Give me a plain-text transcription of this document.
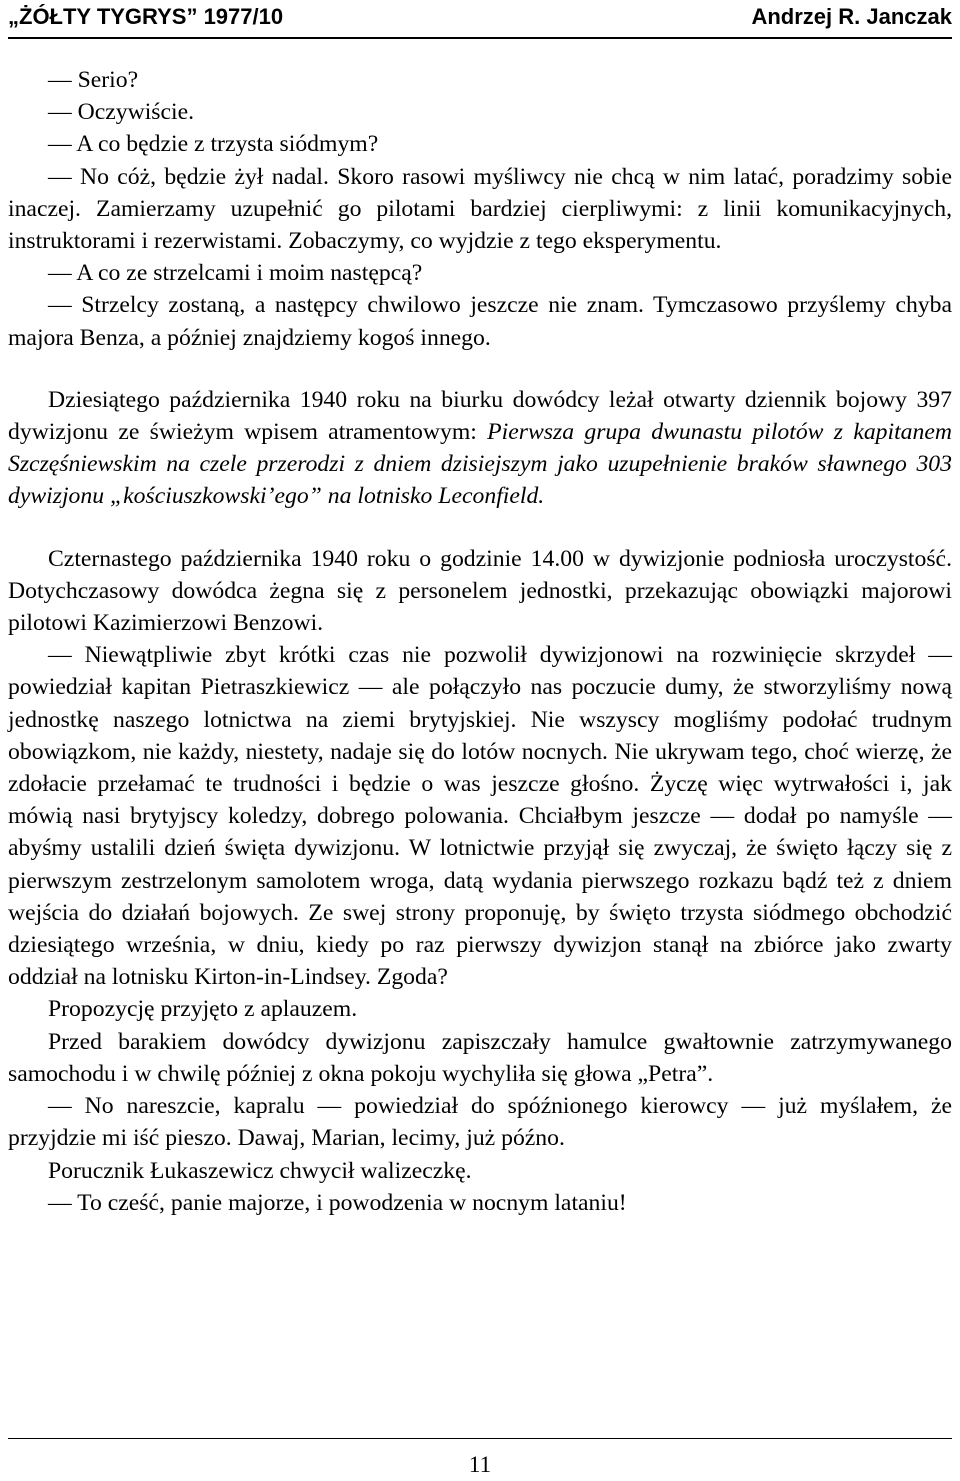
„ŻÓŁTY TYGRYS” 1977/10	Andrzej R. Janczak

— Serio?

— Oczywiście.

— A co będzie z trzysta siódmym?

— No cóż, będzie żył nadal. Skoro rasowi myśliwcy nie chcą w nim latać, poradzimy sobie inaczej. Zamierzamy uzupełnić go pilotami bardziej cierpliwymi: z linii komunikacyjnych, instruktorami i rezerwistami. Zobaczymy, co wyjdzie z tego eksperymentu.

— A co ze strzelcami i moim następcą?

— Strzelcy zostaną, a następcy chwilowo jeszcze nie znam. Tymczasowo przyślemy chyba majora Benza, a później znajdziemy kogoś innego.

Dziesiątego października 1940 roku na biurku dowódcy leżał otwarty dziennik bojowy 397 dywizjonu ze świeżym wpisem atramentowym: Pierwsza grupa dwunastu pilotów z kapitanem Szczęśniewskim na czele przerodzi z dniem dzisiejszym jako uzupełnienie braków sławnego 303 dywizjonu „kościuszkowski’ego” na lotnisko Leconfield.

Czternastego października 1940 roku o godzinie 14.00 w dywizjonie podniosła uroczystość. Dotychczasowy dowódca żegna się z personelem jednostki, przekazując obowiązki majorowi pilotowi Kazimierzowi Benzowi.

— Niewątpliwie zbyt krótki czas nie pozwolił dywizjonowi na rozwinięcie skrzydeł — powiedział kapitan Pietraszkiewicz — ale połączyło nas poczucie dumy, że stworzyliśmy nową jednostkę naszego lotnictwa na ziemi brytyjskiej. Nie wszyscy mogliśmy podołać trudnym obowiązkom, nie każdy, niestety, nadaje się do lotów nocnych. Nie ukrywam tego, choć wierzę, że zdołacie przełamać te trudności i będzie o was jeszcze głośno. Życzę więc wytrwałości i, jak mówią nasi brytyjscy koledzy, dobrego polowania. Chciałbym jeszcze — dodał po namyśle — abyśmy ustalili dzień święta dywizjonu. W lotnictwie przyjął się zwyczaj, że święto łączy się z pierwszym zestrzelonym samolotem wroga, datą wydania pierwszego rozkazu bądź też z dniem wejścia do działań bojowych. Ze swej strony proponuję, by święto trzysta siódmego obchodzić dziesiątego września, w dniu, kiedy po raz pierwszy dywizjon stanął na zbiórce jako zwarty oddział na lotnisku Kirton-in-Lindsey. Zgoda?

Propozycję przyjęto z aplauzem.

Przed barakiem dowódcy dywizjonu zapiszczały hamulce gwałtownie zatrzymywanego samochodu i w chwilę później z okna pokoju wychyliła się głowa „Petra”.

— No nareszcie, kapralu — powiedział do spóźnionego kierowcy — już myślałem, że przyjdzie mi iść pieszo. Dawaj, Marian, lecimy, już późno.

Porucznik Łukaszewicz chwycił walizeczkę.

— To cześć, panie majorze, i powodzenia w nocnym lataniu!

11
